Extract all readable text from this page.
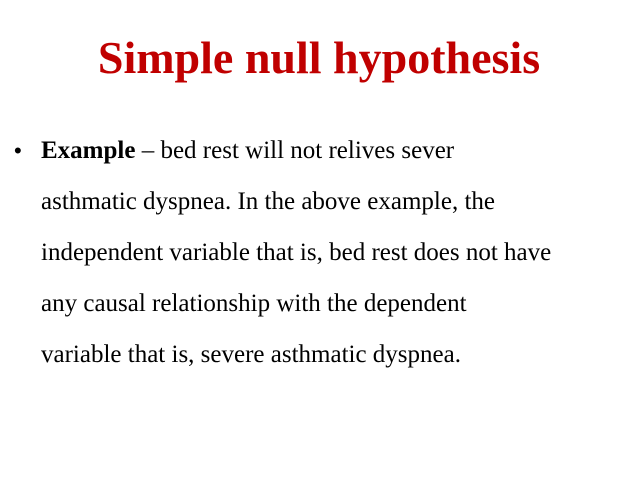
Simple null hypothesis
• Example – bed rest will not relives sever
asthmatic dyspnea. In the above example, the
independent variable that is, bed rest does not have
any causal relationship with the dependent
variable that is, severe asthmatic dyspnea.
